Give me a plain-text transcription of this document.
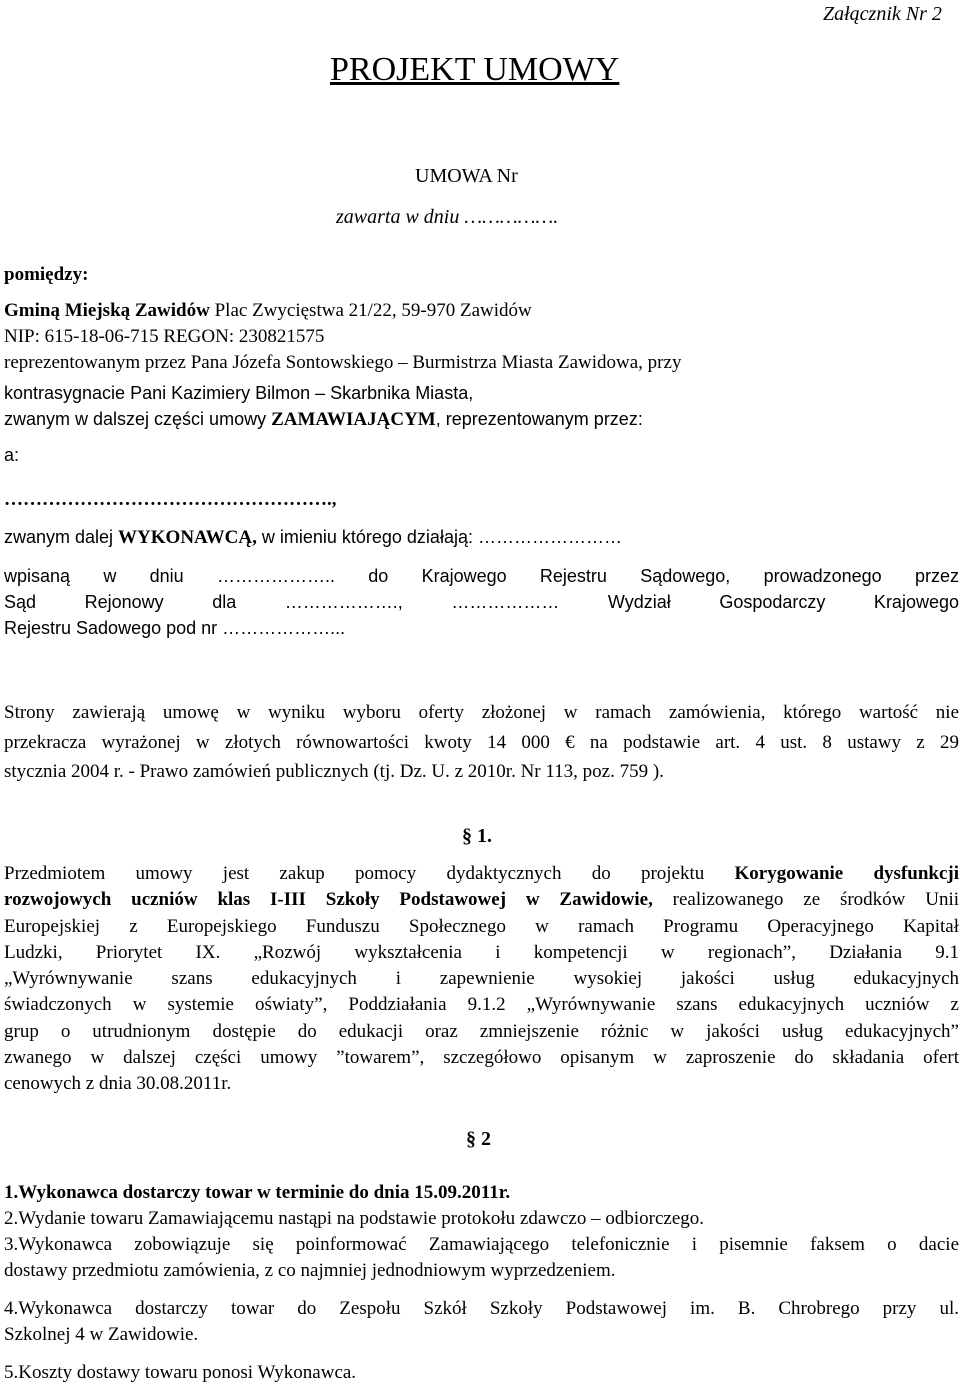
Załącznik Nr 2
PROJEKT UMOWY
UMOWA Nr
zawarta w dniu …………….
pomiędzy:
Gminą Miejską Zawidów Plac Zwycięstwa 21/22, 59-970 Zawidów
NIP: 615-18-06-715 REGON: 230821575
reprezentowanym przez Pana Józefa Sontowskiego – Burmistrza Miasta Zawidowa, przy
kontrasygnacie Pani Kazimiery Bilmon – Skarbnika Miasta,
zwanym w dalszej części umowy ZAMAWIAJĄCYM, reprezentowanym przez:
a:
…………………………………………….,
zwanym dalej WYKONAWCĄ, w imieniu którego działają: ……………………
wpisaną w dniu ……………….. do Krajowego Rejestru Sądowego, prowadzonego przez
Sąd Rejonowy dla ………………., ……………… Wydział Gospodarczy Krajowego
Rejestru Sadowego pod nr ………………...
Strony zawierają umowę w wyniku wyboru oferty złożonej w ramach zamówienia, którego wartość nie
przekracza wyrażonej w złotych równowartości kwoty 14 000 € na podstawie art. 4 ust. 8 ustawy z 29
stycznia 2004 r. - Prawo zamówień publicznych (tj. Dz. U. z 2010r. Nr 113, poz. 759 ).
§ 1.
Przedmiotem umowy jest zakup pomocy dydaktycznych do projektu Korygowanie dysfunkcji
rozwojowych uczniów klas I-III Szkoły Podstawowej w Zawidowie, realizowanego ze środków Unii
Europejskiej z Europejskiego Funduszu Społecznego w ramach Programu Operacyjnego Kapitał
Ludzki, Priorytet IX. „Rozwój wykształcenia i kompetencji w regionach”, Działania 9.1
„Wyrównywanie szans edukacyjnych i zapewnienie wysokiej jakości usług edukacyjnych
świadczonych w systemie oświaty”, Poddziałania 9.1.2 „Wyrównywanie szans edukacyjnych uczniów z
grup o utrudnionym dostępie do edukacji oraz zmniejszenie różnic w jakości usług edukacyjnych”
zwanego w dalszej części umowy ”towarem”, szczegółowo opisanym w zaproszenie do składania ofert
cenowych z dnia 30.08.2011r.
§ 2
1.Wykonawca dostarczy towar w terminie do dnia 15.09.2011r.
2.Wydanie towaru Zamawiającemu nastąpi na podstawie protokołu zdawczo – odbiorczego.
3.Wykonawca zobowiązuje się poinformować Zamawiającego telefonicznie i pisemnie faksem o dacie
dostawy przedmiotu zamówienia, z co najmniej jednodniowym wyprzedzeniem.
4.Wykonawca dostarczy towar do Zespołu Szkół Szkoły Podstawowej im. B. Chrobrego przy ul.
Szkolnej 4 w Zawidowie.
5.Koszty dostawy towaru ponosi Wykonawca.
